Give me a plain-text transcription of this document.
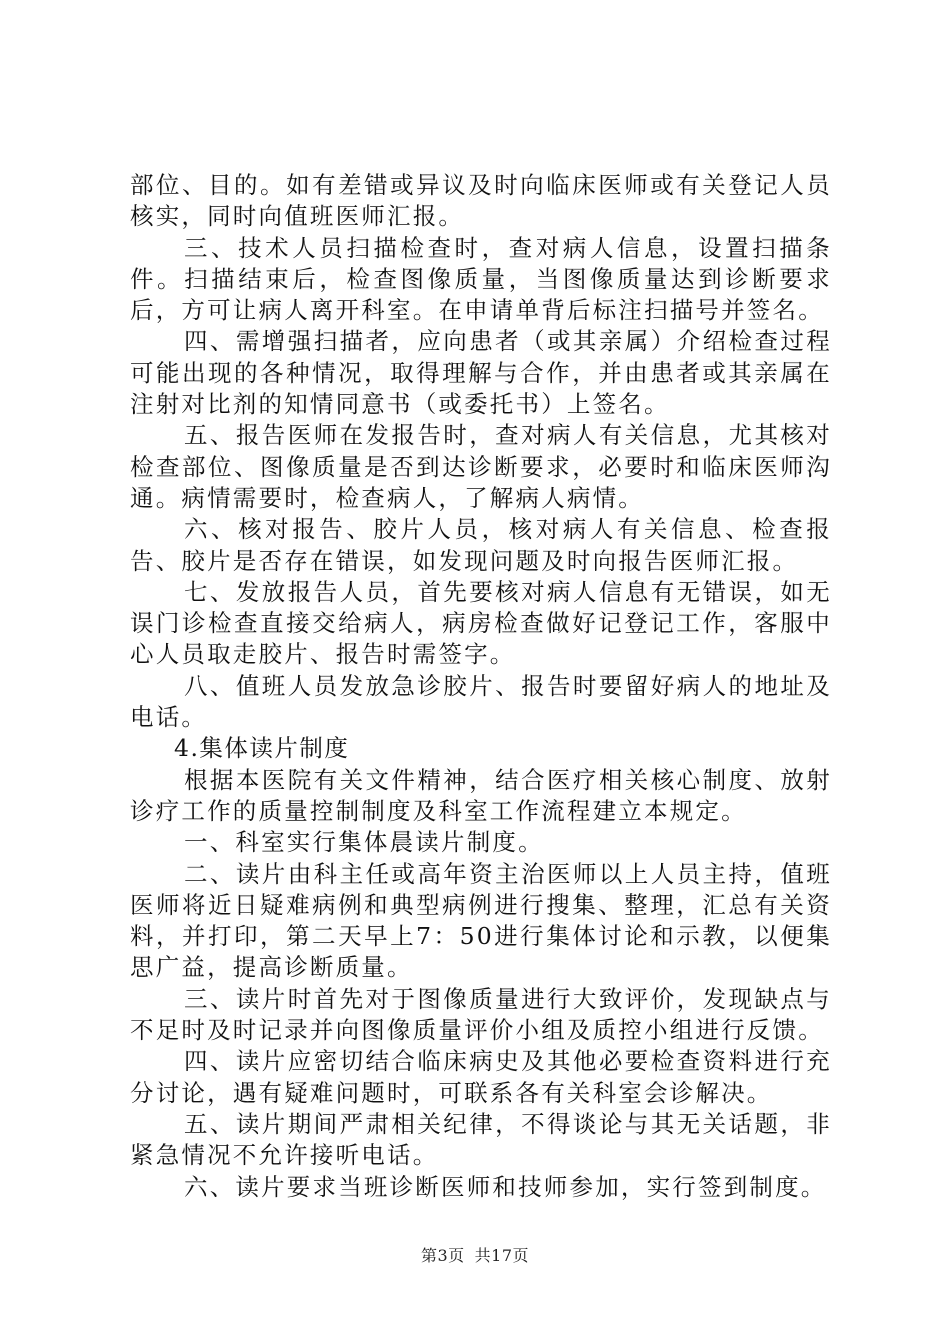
部位、目的。如有差错或异议及时向临床医师或有关登记人员核实，同时向值班医师汇报。

三、技术人员扫描检查时，查对病人信息，设置扫描条件。扫描结束后，检查图像质量，当图像质量达到诊断要求后，方可让病人离开科室。在申请单背后标注扫描号并签名。

四、需增强扫描者，应向患者（或其亲属）介绍检查过程可能出现的各种情况，取得理解与合作，并由患者或其亲属在注射对比剂的知情同意书（或委托书）上签名。

五、报告医师在发报告时，查对病人有关信息，尤其核对检查部位、图像质量是否到达诊断要求，必要时和临床医师沟通。病情需要时，检查病人，了解病人病情。

六、核对报告、胶片人员，核对病人有关信息、检查报告、胶片是否存在错误，如发现问题及时向报告医师汇报。

七、发放报告人员，首先要核对病人信息有无错误，如无误门诊检查直接交给病人，病房检查做好记登记工作，客服中心人员取走胶片、报告时需签字。

八、值班人员发放急诊胶片、报告时要留好病人的地址及电话。

4.集体读片制度

根据本医院有关文件精神，结合医疗相关核心制度、放射诊疗工作的质量控制制度及科室工作流程建立本规定。

一、科室实行集体晨读片制度。

二、读片由科主任或高年资主治医师以上人员主持，值班医师将近日疑难病例和典型病例进行搜集、整理，汇总有关资料，并打印，第二天早上7：50进行集体讨论和示教，以便集思广益，提高诊断质量。

三、读片时首先对于图像质量进行大致评价，发现缺点与不足时及时记录并向图像质量评价小组及质控小组进行反馈。

四、读片应密切结合临床病史及其他必要检查资料进行充分讨论，遇有疑难问题时，可联系各有关科室会诊解决。

五、读片期间严肃相关纪律，不得谈论与其无关话题，非紧急情况不允许接听电话。

六、读片要求当班诊断医师和技师参加，实行签到制度。

第3页 共17页
